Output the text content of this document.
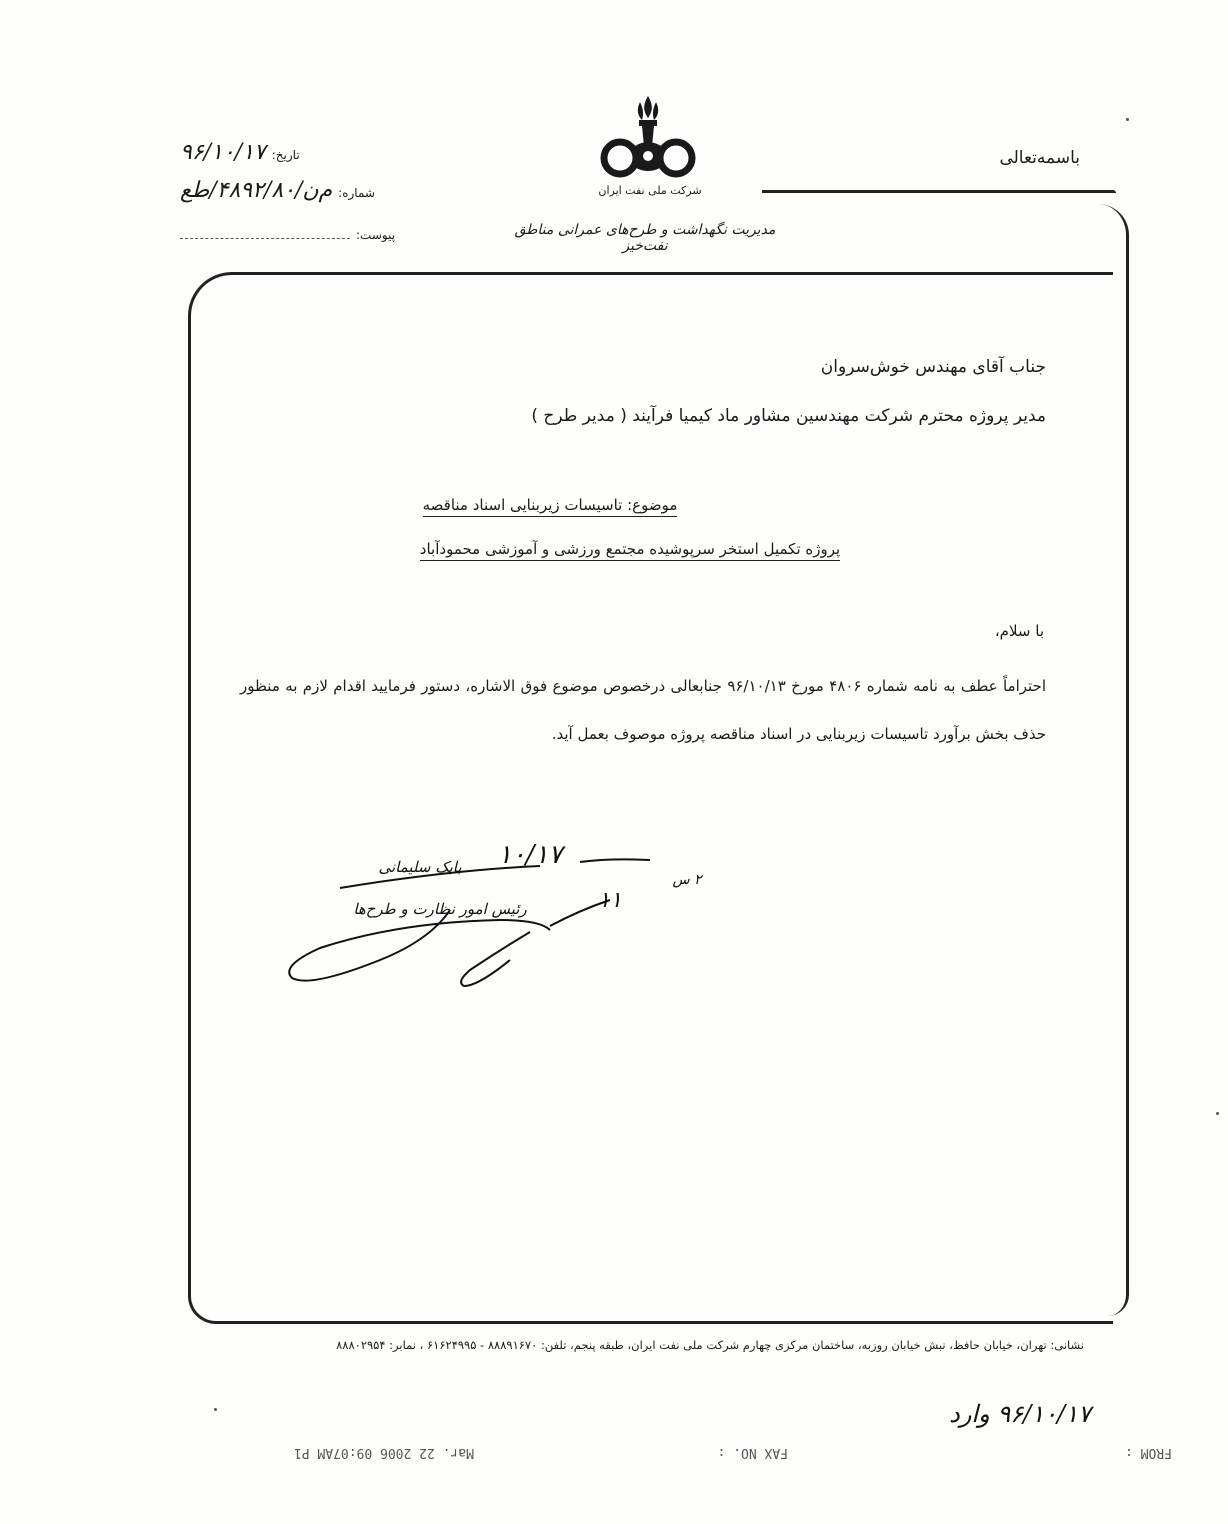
باسمه‌تعالی
شرکت ملی نفت ایران
مدیریت نگهداشت و طرح‌های عمرانی مناطق نفت‌خیز
تاریخ:
۹۶/۱۰/۱۷
شماره:
م‌ن/۴۸۹۲/۸۰/طع
پیوست:
جناب آقای مهندس خوش‌سروان
مدیر پروژه محترم شرکت مهندسین مشاور ماد کیمیا فرآیند ( مدیر طرح )
موضوع: تاسیسات زیربنایی اسناد مناقصه
پروژه تکمیل استخر سرپوشیده مجتمع ورزشی و آموزشی محمودآباد
با سلام،
احتراماً عطف به نامه شماره ۴۸۰۶ مورخ ۹۶/۱۰/۱۳ جنابعالی درخصوص موضوع فوق الاشاره، دستور فرمایید اقدام لازم به منظور حذف بخش برآورد تاسیسات زیربنایی در اسناد مناقصه پروژه موصوف بعمل آید.
۱۰/۱۷
بابک سلیمانی
۱۱
۲ س
رئیس امور نظارت و طرح‌ها
نشانی: تهران، خیابان حافظ، نبش خیابان روزبه، ساختمان مرکزی چهارم شرکت ملی نفت ایران، طبقه پنجم، تلفن: ۸۸۸۹۱۶۷۰ - ۶۱۶۲۴۹۹۵ ، نمابر: ۸۸۸۰۲۹۵۴
۹۶/۱۰/۱۷ وارد
Mar. 22 2006 09:07AM P1	FAX NO. :	FROM :
